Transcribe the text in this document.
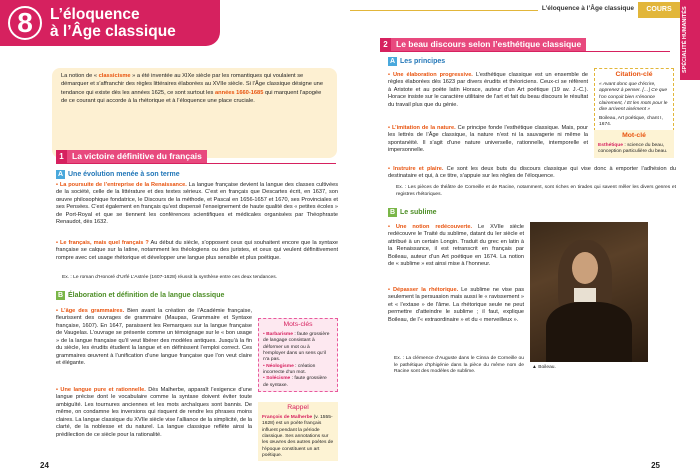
8	L’éloquence
à l’Âge classique
La notion de « classicisme » a été inventée au XIXe siècle par les romantiques qui voulaient se démarquer et s’affranchir des règles littéraires élaborées au XVIIe siècle. Si l’Âge classique désigne une tendance qui existe dès les années 1625, ce sont surtout les années 1660-1685 qui marquent l’apogée de ce courant qui accorde à la rhétorique et à l’éloquence une place cruciale.
1 La victoire définitive du français
A Une évolution menée à son terme
• La poursuite de l’entreprise de la Renaissance. La langue française devient la langue des classes cultivées de la société, celle de la littérature et des textes sérieux. C’est en français que Descartes écrit, en 1637, son œuvre philosophique fondatrice, le Discours de la méthode, et Pascal en 1656-1657 et 1670, ses Provinciales et ses Pensées. C’est également en français qu’est dispensé l’enseignement de haute qualité des « petites écoles » de Port-Royal et que se tiennent les conférences scientifiques et médicales organisées par Théophraste Renaudot, dès 1632.
• Le français, mais quel français ? Au début du siècle, s’opposent ceux qui souhaitent encore que la syntaxe française se calque sur la latine, notamment les théologiens ou des juristes, et ceux qui veulent définitivement rompre avec cet usage rhétorique et développer une langue plus sensible et plus poétique.
Ex. : Le roman d’Honoré d’Urfé L’Astrée (1607-1628) réussit la synthèse entre ces deux tendances.
B Élaboration et définition de la langue classique
• L’âge des grammaires. Bien avant la création de l’Académie française, fleurissent des ouvrages de grammaire (Maupas, Grammaire et Syntaxe française, 1607). En 1647, paraissent les Remarques sur la langue française de Vaugelas. L’ouvrage se présente comme un témoignage sur le « bon usage » de la langue française qu’il veut libérer des modèles antiques. Jusqu’à la fin du siècle, les érudits étudient la langue et en définissent l’emploi correct. Ces grammaires œuvrent à l’unification d’une langue française que l’on veut claire et élégante.
• Une langue pure et rationnelle. Dès Malherbe, apparaît l’exigence d’une langue précise dont le vocabulaire comme la syntaxe doivent éviter toute ambiguïté. Les tournures anciennes et les mots archaïques sont bannis. De même, on condamne les inversions qui risquent de rendre les phrases moins claires. La langue classique du XVIIe siècle vise l’alliance de la simplicité, de la clarté, de la noblesse et du naturel. La langue classique reflète ainsi la prédilection de ce siècle pour la rationalité.
Mots-clés
• Barbarisme : faute grossière de langage consistant à déformer un mot ou à l’employer dans un sens qu’il n’a pas.
• Néologisme : création incorrecte d’un mot.
• Solécisme : faute grossière de syntaxe.
Rappel
François de Malherbe (v. 1555-1628) est un poète français influent pendant la période classique. Ses annotations sur les œuvres des autres poètes de l’époque constituent un art poétique.
24
L’éloquence à l’Âge classique	COURS	SPÉCIALITÉ HUMANITÉS
2 Le beau discours selon l’esthétique classique
A Les principes
• Une élaboration progressive. L’esthétique classique est un ensemble de règles élaborées dès 1623 par divers érudits et théoriciens. Ceux-ci se réfèrent à Aristote et au poète latin Horace, auteur d’un Art poétique (19 av. J.-C.). Horace insiste sur le caractère utilitaire de l’art et fait du beau discours le résultat du travail plus que du génie.
• L’imitation de la nature. Ce principe fonde l’esthétique classique. Mais, pour les lettrés de l’Âge classique, la nature n’est ni la sauvagerie ni même la spontanéité. Il s’agit d’une nature universelle, rationnelle, intemporelle et impersonnelle.
• Instruire et plaire. Ce sont les deux buts du discours classique qui vise donc à emporter l’adhésion du destinataire et qui, à ce titre, s’appuie sur les règles de l’éloquence.
Ex. : Les pièces de théâtre de Corneille et de Racine, notamment, sont riches en tirades qui savent mêler les divers genres et registres rhétoriques.
Citation-clé
« Avant donc que d’écrire, apprenez à penser. […] Ce que l’on conçoit bien s’énonce clairement, / Et les mots pour le dire arrivent aisément »
Boileau, Art poétique, chant I, 1674.
Mot-clé
Esthétique : science du beau, conception particulière du beau.
B Le sublime
• Une notion redécouverte. Le XVIIe siècle redécouvre le Traité du sublime, datant du Ier siècle et attribué à un certain Longin. Traduit du grec en latin à la Renaissance, il est retranscrit en français par Boileau, auteur d’un Art poétique en 1674. La notion de « sublime » est ainsi mise à l’honneur.
• Dépasser la rhétorique. Le sublime ne vise pas seulement la persuasion mais aussi le « ravissement » et « l’extase » de l’âme. La rhétorique seule ne peut permettre d’atteindre le sublime ; il faut, explique Boileau, de l’« extraordinaire » et du « merveilleux ».
Ex. : La clémence d’Auguste dans le Cinna de Corneille ou le pathétique d’Iphigénie dans la pièce du même nom de Racine sont des modèles de sublime.
▲ Boileau.
25
